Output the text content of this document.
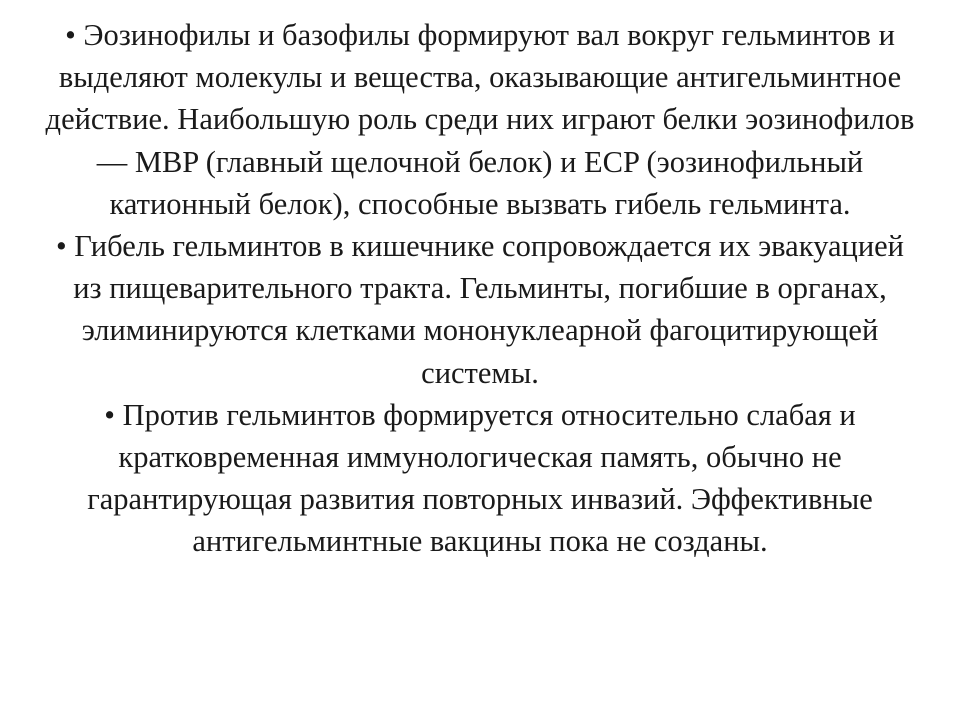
• Эозинофилы и базофилы формируют вал вокруг гельминтов и выделяют молекулы и вещества, оказывающие антигельминтное действие. Наибольшую роль среди них играют белки эозинофилов — MBP (главный щелочной белок) и ECP (эозинофильный катионный белок), способные вызвать гибель гельминта.

• Гибель гельминтов в кишечнике сопровождается их эвакуацией из пищеварительного тракта. Гельминты, погибшие в органах, элиминируются клетками мононуклеарной фагоцитирующей системы.

• Против гельминтов формируется относительно слабая и кратковременная иммунологическая память, обычно не гарантирующая развития повторных инвазий. Эффективные антигельминтные вакцины пока не созданы.
